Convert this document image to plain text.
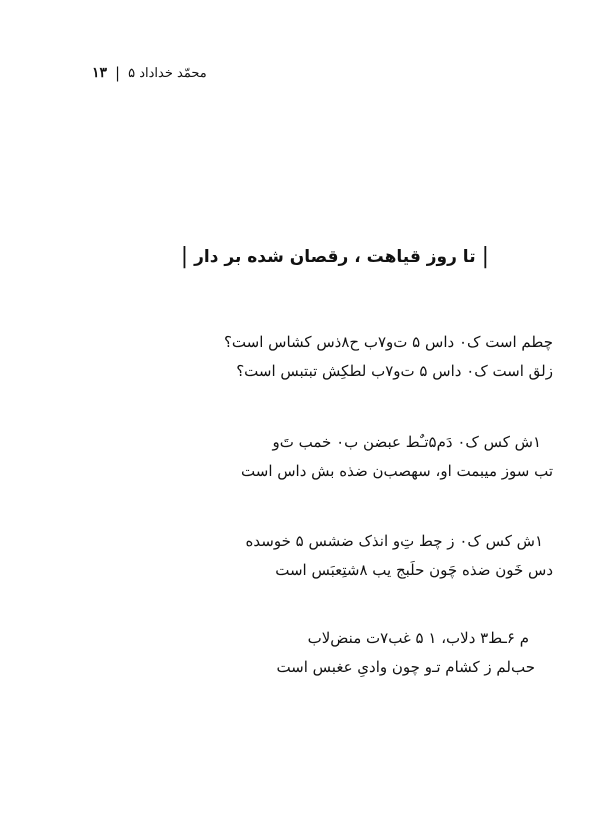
۱۳ | محمّد خداداد ۵
|
تا روز قیاهت ، رقصان شده بر دار
|
چطم است ک۰ داس ۵ ت‌و۷ب ح۸ذس کشاس است؟
زلق است ک۰ داس ۵ ت‌و۷ب لطکِش تبتبس است؟
۱ش کس ک۰ دَم۵تـٌط عبضن ب۰ خمب تَ‌و
تب سوز میبمت او، سهصب‌ن ضذه بش داس است
۱ش کس ک۰ ز چط تِ‌و انذک ضشس ۵ خوسده
دس خَون ضذه چَون حلَبج یب ۸شتِعبَس است
م ۶ـط۳ دلا‌ب، ۱ ۵ غب‌۷ت منض‌لا‌ب
حب‌لم ز کشام تـ‌و چون وادیِ عغبس است
